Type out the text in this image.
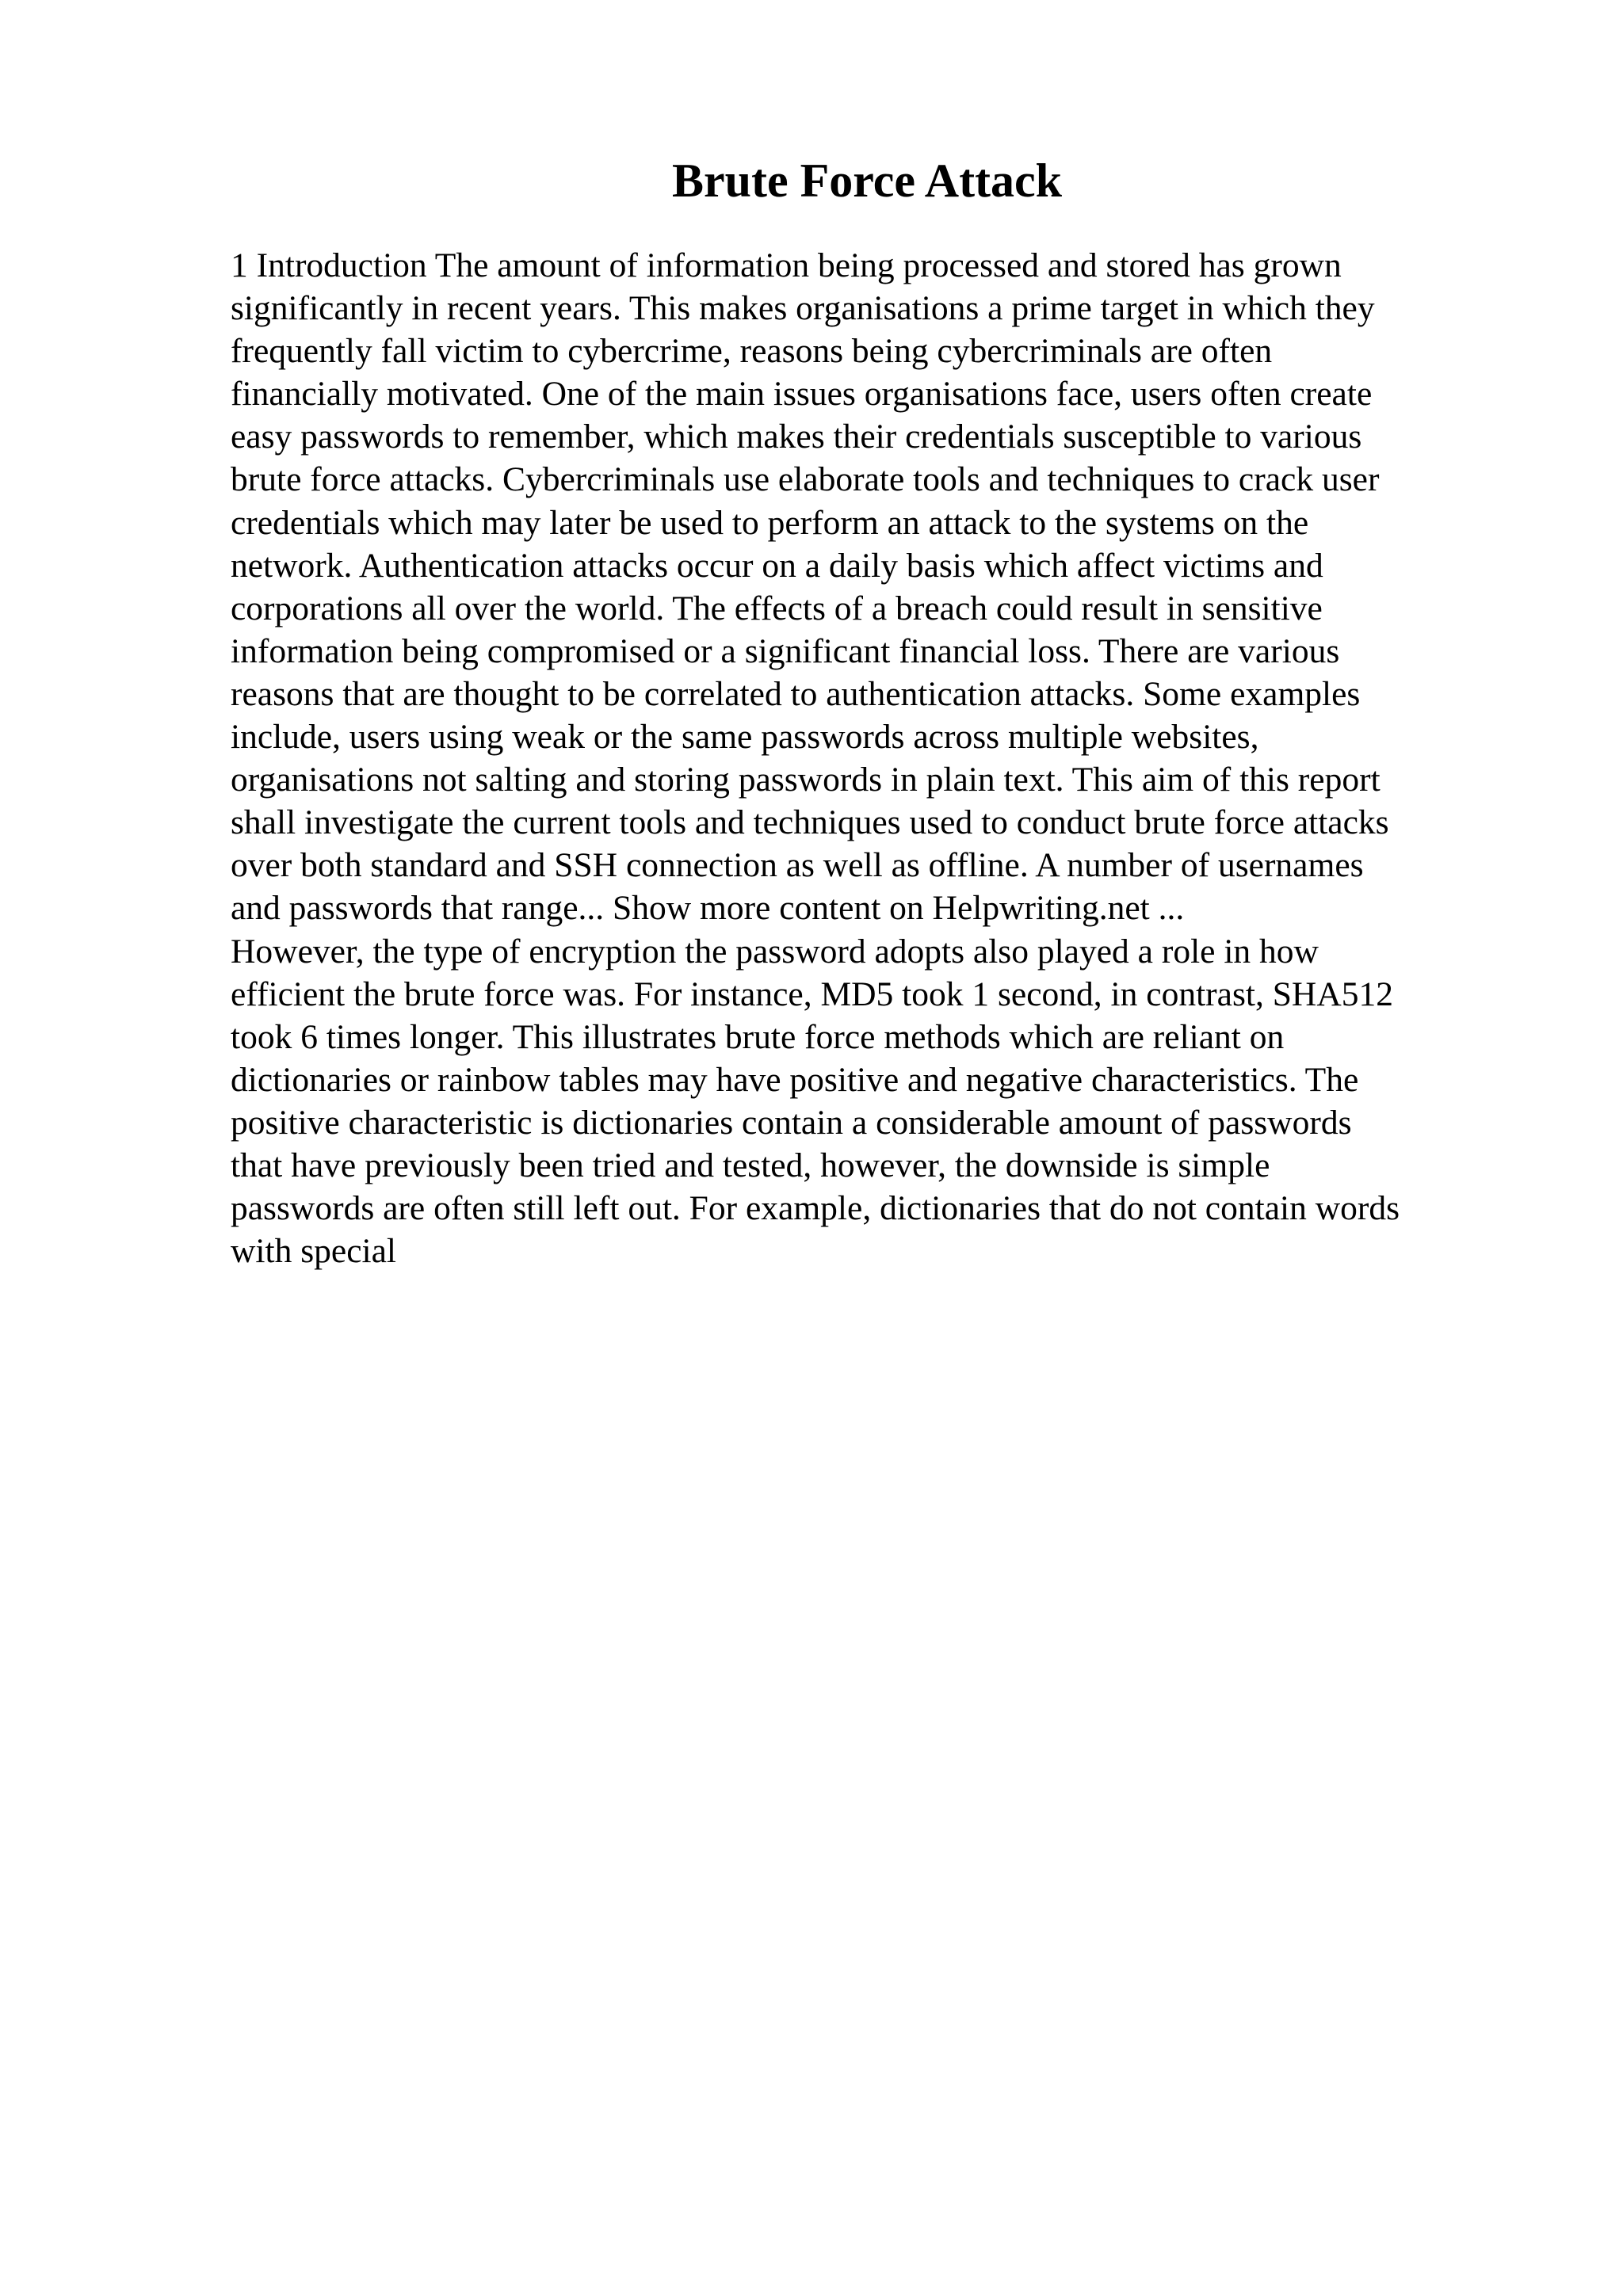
Brute Force Attack
1 Introduction The amount of information being processed and stored has grown
significantly in recent years. This makes organisations a prime target in which they
frequently fall victim to cybercrime, reasons being cybercriminals are often
financially motivated. One of the main issues organisations face, users often create
easy passwords to remember, which makes their credentials susceptible to various
brute force attacks. Cybercriminals use elaborate tools and techniques to crack user
credentials which may later be used to perform an attack to the systems on the
network. Authentication attacks occur on a daily basis which affect victims and
corporations all over the world. The effects of a breach could result in sensitive
information being compromised or a significant financial loss. There are various
reasons that are thought to be correlated to authentication attacks. Some examples
include, users using weak or the same passwords across multiple websites,
organisations not salting and storing passwords in plain text. This aim of this report
shall investigate the current tools and techniques used to conduct brute force attacks
over both standard and SSH connection as well as offline. A number of usernames
and passwords that range... Show more content on Helpwriting.net ...
However, the type of encryption the password adopts also played a role in how
efficient the brute force was. For instance, MD5 took 1 second, in contrast, SHA512
took 6 times longer. This illustrates brute force methods which are reliant on
dictionaries or rainbow tables may have positive and negative characteristics. The
positive characteristic is dictionaries contain a considerable amount of passwords
that have previously been tried and tested, however, the downside is simple
passwords are often still left out. For example, dictionaries that do not contain words
with special
